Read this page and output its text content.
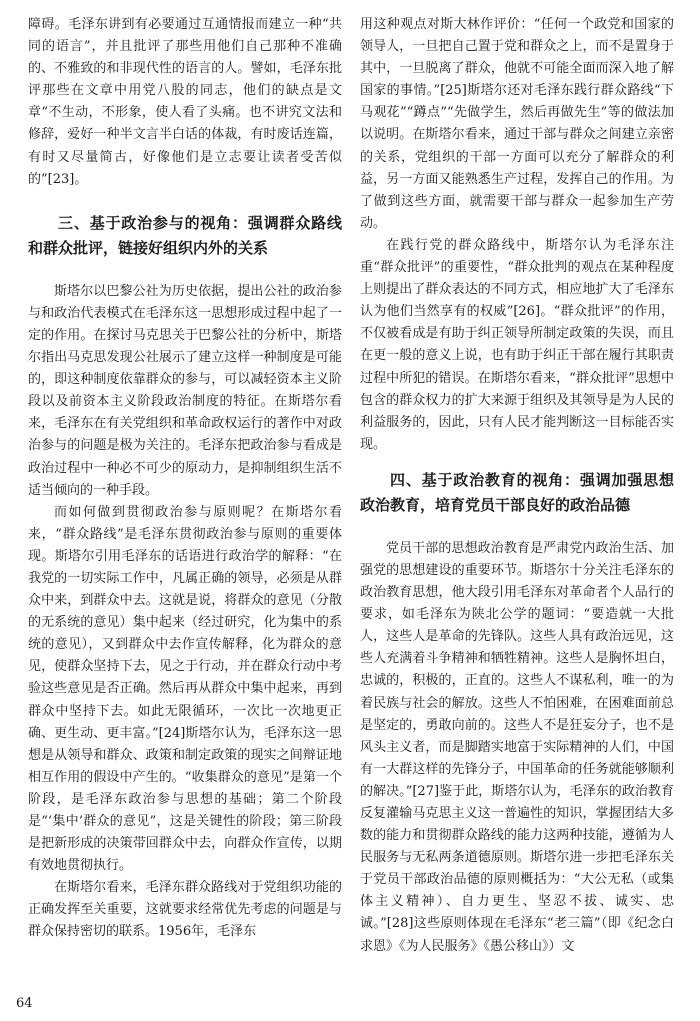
障碍。毛泽东讲到有必要通过互通情报而建立一种“共同的语言”，并且批评了那些用他们自己那种不准确的、不雅致的和非现代性的语言的人。譬如，毛泽东批评那些在文章中用党八股的同志，他们的缺点是文章“不生动，不形象，使人看了头痛。也不讲究文法和修辞，爱好一种半文言半白话的体裁，有时废话连篇，有时又尽量简古，好像他们是立志要让读者受苦似的”[23]。

三、基于政治参与的视角：强调群众路线和群众批评，链接好组织内外的关系

斯塔尔以巴黎公社为历史依据，提出公社的政治参与和政治代表模式在毛泽东这一思想形成过程中起了一定的作用。在探讨马克思关于巴黎公社的分析中，斯塔尔指出马克思发现公社展示了建立这样一种制度是可能的，即这种制度依靠群众的参与，可以减轻资本主义阶段以及前资本主义阶段政治制度的特征。在斯塔尔看来，毛泽东在有关党组织和革命政权运行的著作中对政治参与的问题是极为关注的。毛泽东把政治参与看成是政治过程中一种必不可少的原动力，是抑制组织生活不适当倾向的一种手段。

而如何做到贯彻政治参与原则呢？在斯塔尔看来，“群众路线”是毛泽东贯彻政治参与原则的重要体现。斯塔尔引用毛泽东的话语进行政治学的解释：“在我党的一切实际工作中，凡属正确的领导，必须是从群众中来，到群众中去。这就是说，将群众的意见（分散的无系统的意见）集中起来（经过研究，化为集中的系统的意见），又到群众中去作宣传解释，化为群众的意见，使群众坚持下去，见之于行动，并在群众行动中考验这些意见是否正确。然后再从群众中集中起来，再到群众中坚持下去。如此无限循环，一次比一次地更正确、更生动、更丰富。”[24]斯塔尔认为，毛泽东这一思想是从领导和群众、政策和制定政策的现实之间辩证地相互作用的假设中产生的。“收集群众的意见”是第一个阶段，是毛泽东政治参与思想的基础；第二个阶段是“‘集中’群众的意见”，这是关键性的阶段；第三阶段是把新形成的决策带回群众中去，向群众作宣传，以期有效地贯彻执行。

在斯塔尔看来，毛泽东群众路线对于党组织功能的正确发挥至关重要，这就要求经常优先考虑的问题是与群众保持密切的联系。1956年，毛泽东

用这种观点对斯大林作评价：“任何一个政党和国家的领导人，一旦把自己置于党和群众之上，而不是置身于其中，一旦脱离了群众，他就不可能全面而深入地了解国家的事情。”[25]斯塔尔还对毛泽东践行群众路线“下马观花”“蹲点”“先做学生，然后再做先生”等的做法加以说明。在斯塔尔看来，通过干部与群众之间建立亲密的关系，党组织的干部一方面可以充分了解群众的利益，另一方面又能熟悉生产过程，发挥自己的作用。为了做到这些方面，就需要干部与群众一起参加生产劳动。

在践行党的群众路线中，斯塔尔认为毛泽东注重“群众批评”的重要性，“群众批判的观点在某种程度上则提出了群众表达的不同方式，相应地扩大了毛泽东认为他们当然享有的权威”[26]。“群众批评”的作用，不仅被看成是有助于纠正领导所制定政策的失误，而且在更一般的意义上说，也有助于纠正干部在履行其职责过程中所犯的错误。在斯塔尔看来，“群众批评”思想中包含的群众权力的扩大来源于组织及其领导是为人民的利益服务的，因此，只有人民才能判断这一目标能否实现。

四、基于政治教育的视角：强调加强思想政治教育，培育党员干部良好的政治品德

党员干部的思想政治教育是严肃党内政治生活、加强党的思想建设的重要环节。斯塔尔十分关注毛泽东的政治教育思想，他大段引用毛泽东对革命者个人品行的要求，如毛泽东为陕北公学的题词：“要造就一大批人，这些人是革命的先锋队。这些人具有政治远见，这些人充满着斗争精神和牺牲精神。这些人是胸怀坦白，忠诚的，积极的，正直的。这些人不谋私利，唯一的为着民族与社会的解放。这些人不怕困难，在困难面前总是坚定的，勇敢向前的。这些人不是狂妄分子，也不是风头主义者，而是脚踏实地富于实际精神的人们，中国有一大群这样的先锋分子，中国革命的任务就能够顺利的解决。”[27]鉴于此，斯塔尔认为，毛泽东的政治教育反复灌输马克思主义这一普遍性的知识，掌握团结大多数的能力和贯彻群众路线的能力这两种技能，遵循为人民服务与无私两条道德原则。斯塔尔进一步把毛泽东关于党员干部政治品德的原则概括为：“大公无私（或集体主义精神）、自力更生、坚忍不拔、诚实、忠诚。”[28]这些原则体现在毛泽东“老三篇”（即《纪念白求恩》《为人民服务》《愚公移山》）文

64
